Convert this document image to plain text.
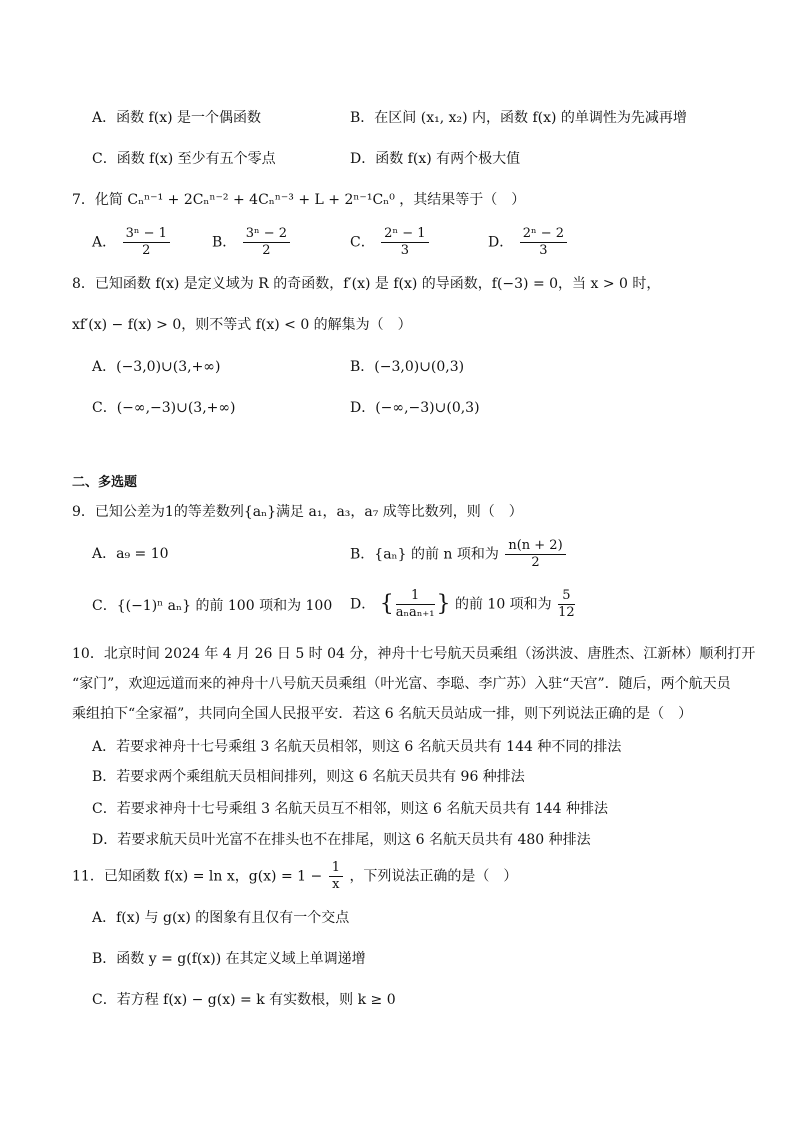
A．函数 f(x) 是一个偶函数	B．在区间 (x₁, x₂) 内，函数 f(x) 的单调性为先减再增
C．函数 f(x) 至少有五个零点	D．函数 f(x) 有两个极大值
7．化简 Cₙⁿ⁻¹ + 2Cₙⁿ⁻² + 4Cₙⁿ⁻³ + L + 2ⁿ⁻¹Cₙ⁰ ，其结果等于（　）
A． $\frac{\text{3ⁿ − 1}}{2}$	B． $\frac{\text{3ⁿ − 2}}{2}$	C． $\frac{\text{2ⁿ − 1}}{3}$	D． $\frac{\text{2ⁿ − 2}}{3}$
8．已知函数 f(x) 是定义域为 R 的奇函数，f′(x) 是 f(x) 的导函数，f(−3) = 0，当 x > 0 时，
xf′(x) − f(x) > 0，则不等式 f(x) < 0 的解集为（　）
A．(−3,0)∪(3,+∞)	B．(−3,0)∪(0,3)
C．(−∞,−3)∪(3,+∞)	D．(−∞,−3)∪(0,3)
二、多选题
9．已知公差为1的等差数列{aₙ}满足 a₁，a₃，a₇ 成等比数列，则（　）
A．a₉ = 10	B．{aₙ} 的前 n 项和为 $\frac{n(n + 2)}{2}$
C．{(−1)ⁿ aₙ} 的前 100 项和为 100 D． { $\frac{1}{\text{aₙaₙ₊₁}}$ } 的前 10 项和为 $\frac{5}{12}$
10．北京时间 2024 年 4 月 26 日 5 时 04 分，神舟十七号航天员乘组（汤洪波、唐胜杰、江新林）顺利打开
“家门”，欢迎远道而来的神舟十八号航天员乘组（叶光富、李聪、李广苏）入驻“天宫”．随后，两个航天员
乘组拍下“全家福”，共同向全国人民报平安．若这 6 名航天员站成一排，则下列说法正确的是（　）
A．若要求神舟十七号乘组 3 名航天员相邻，则这 6 名航天员共有 144 种不同的排法
B．若要求两个乘组航天员相间排列，则这 6 名航天员共有 96 种排法
C．若要求神舟十七号乘组 3 名航天员互不相邻，则这 6 名航天员共有 144 种排法
D．若要求航天员叶光富不在排头也不在排尾，则这 6 名航天员共有 480 种排法
11．已知函数 f(x) = ln x，$g(x) = 1 - \frac{1}{x}$ ，下列说法正确的是（　）
A．f(x) 与 g(x) 的图象有且仅有一个交点
B．函数 y = g(f(x)) 在其定义域上单调递增
C．若方程 f(x) − g(x) = k 有实数根，则 k ≥ 0
